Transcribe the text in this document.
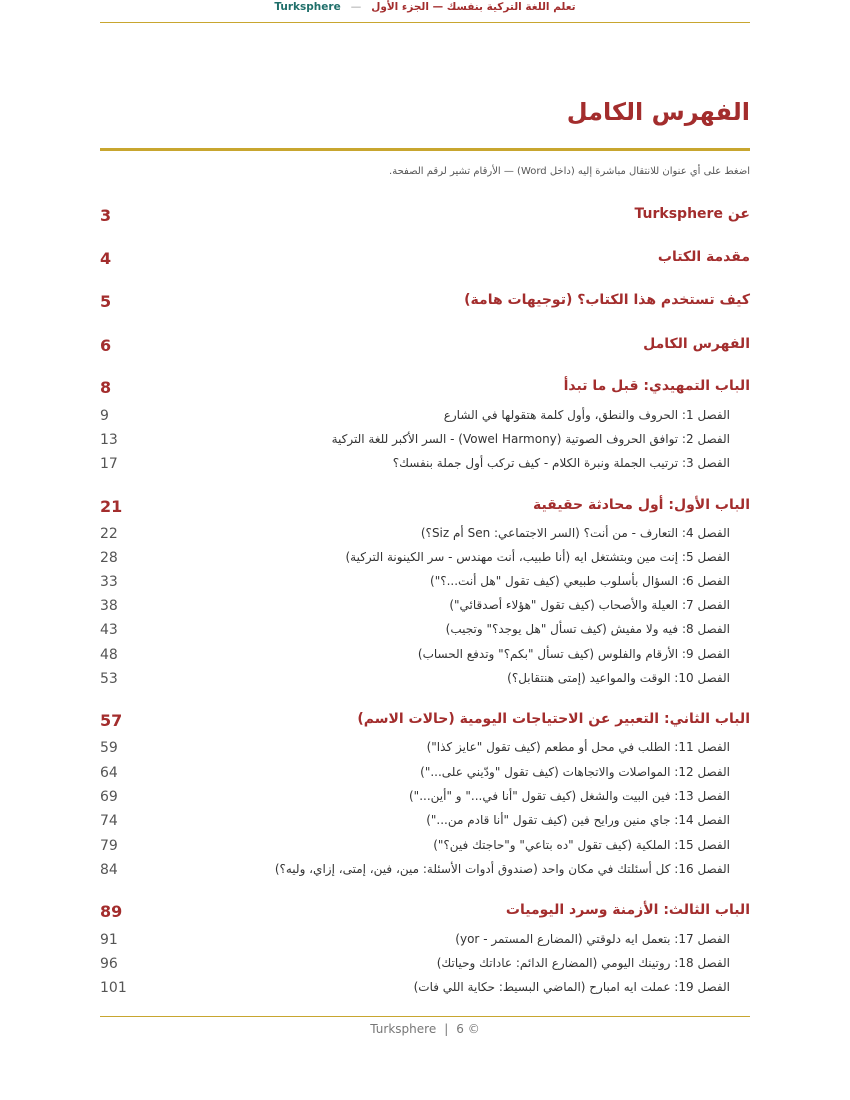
Turksphere — تعلم اللغة التركية بنفسك — الجزء الأول
الفهرس الكامل
اضغط على أي عنوان للانتقال مباشرة إليه (داخل Word) — الأرقام تشير لرقم الصفحة.
3	عن Turksphere
4	مقدمة الكتاب
5	كيف تستخدم هذا الكتاب؟ (توجيهات هامة)
6	الفهرس الكامل
8	الباب التمهيدي: قبل ما تبدأ
9	الفصل 1: الحروف والنطق، وأول كلمة هتقولها في الشارع
13	الفصل 2: توافق الحروف الصوتية (Vowel Harmony) - السر الأكبر للغة التركية
17	الفصل 3: ترتيب الجملة ونبرة الكلام - كيف تركب أول جملة بنفسك؟
21	الباب الأول: أول محادثة حقيقية
22	الفصل 4: التعارف - من أنت؟ (السر الاجتماعي: Sen أم Siz؟)
28	الفصل 5: إنت مين وبتشتغل ايه (أنا طبيب، أنت مهندس - سر الكينونة التركية)
33	الفصل 6: السؤال بأسلوب طبيعي (كيف تقول "هل أنت...؟")
38	الفصل 7: العيلة والأصحاب (كيف تقول "هؤلاء أصدقائي")
43	الفصل 8: فيه ولا مفيش (كيف تسأل "هل يوجد؟" وتجيب)
48	الفصل 9: الأرقام والفلوس (كيف تسأل "بكم؟" وتدفع الحساب)
53	الفصل 10: الوقت والمواعيد (إمتى هنتقابل؟)
57	الباب الثاني: التعبير عن الاحتياجات اليومية (حالات الاسم)
59	الفصل 11: الطلب في محل أو مطعم (كيف تقول "عايز كذا")
64	الفصل 12: المواصلات والاتجاهات (كيف تقول "ودّيني على...")
69	الفصل 13: فين البيت والشغل (كيف تقول "أنا في..." و "أين...")
74	الفصل 14: جاي منين ورايح فين (كيف تقول "أنا قادم من...")
79	الفصل 15: الملكية (كيف تقول "ده بتاعي" و"حاجتك فين؟")
84	الفصل 16: كل أسئلتك في مكان واحد (صندوق أدوات الأسئلة: مين، فين، إمتى، إزاي، وليه؟)
89	الباب الثالث: الأزمنة وسرد اليوميات
91	الفصل 17: بتعمل ايه دلوقتي (المضارع المستمر - yor)
96	الفصل 18: روتينك اليومي (المضارع الدائم: عاداتك وحياتك)
101	الفصل 19: عملت ايه امبارح (الماضي البسيط: حكاية اللي فات)
Turksphere | 6 ©
